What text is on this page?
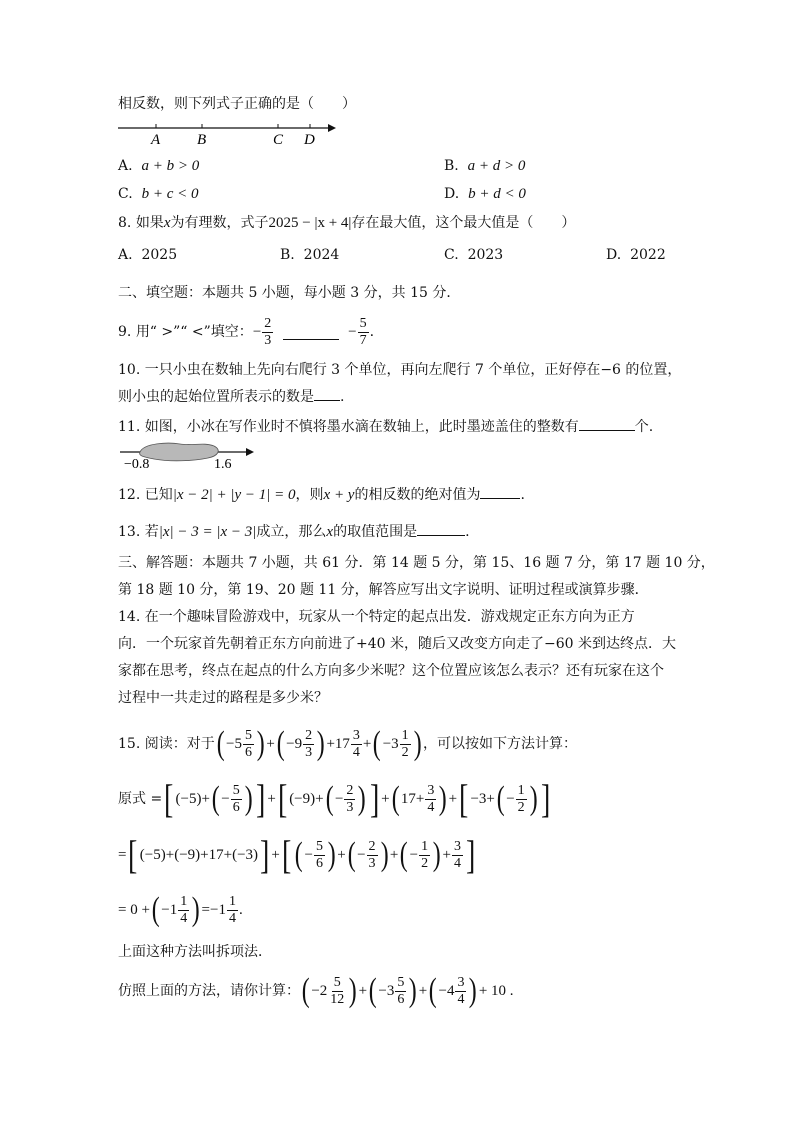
相反数，则下列式子正确的是（　　）
A B	C D
A. a + b > 0	B. a + d > 0
C. b + c < 0	D. b + d < 0
8. 如果x为有理数，式子2025 − |x + 4|存在最大值，这个最大值是（　　）
A. 2025	B. 2024	C. 2023	D. 2022
二、填空题：本题共 5 小题，每小题 3 分，共 15 分．
9.
用“ >”“ <”填空： − $\frac{2}{3}$

	− $\frac{5}{7}$ .
10. 一只小虫在数轴上先向右爬行 3 个单位，再向左爬行 7 个单位，正好停在−6 的位置，
则小虫的起始位置所表示的数是 .
11. 如图，小冰在写作业时不慎将墨水滴在数轴上，此时墨迹盖住的整数有	个.
−0.8	1.6
12. 已知|x − 2| + |y − 1| = 0，则x + y的相反数的绝对值为	.
13. 若|x| − 3 = |x − 3|成立，那么x的取值范围是	.
三、解答题：本题共 7 小题，共 61 分．第 14 题 5 分，第 15、16 题 7 分，第 17 题 10 分，
第 18 题 10 分，第 19、20 题 11 分，解答应写出文字说明、证明过程或演算步骤．
14. 在一个趣味冒险游戏中，玩家从一个特定的起点出发．游戏规定正东方向为正方
向．一个玩家首先朝着正东方向前进了+40 米，随后又改变方向走了−60 米到达终点．大
家都在思考，终点在起点的什么方向多少米呢？这个位置应该怎么表示？还有玩家在这个
过程中一共走过的路程是多少米？
15. 阅读：对于 ( $-5 \frac{5}{6}$ ) + ( $-9 \frac{2}{3}$ ) $+17 \frac{3}{4}$ + ( $-3 \frac{1}{2}$ ) ，可以按如下方法计算：
原式 = [ (−5)+ ( − $\frac{5}{6}$ ) ] + [ (−9)+ ( − $\frac{2}{3}$ ) ] + ( $17+ \frac{3}{4}$ ) + [ −3+ ( − $\frac{1}{2}$ ) ]
= [ (−5)+(−9)+17+(−3) ] + [ ( − $\frac{5}{6}$ ) + ( − $\frac{2}{3}$ ) + ( − $\frac{1}{2}$ ) + $\frac{3}{4}$ ]
= 0 + ( $-1 \frac{1}{4}$ ) = $-1 \frac{1}{4}$ .
上面这种方法叫拆项法．
仿照上面的方法，请你计算： ( $-2 \frac{5}{12}$ ) + ( $-3 \frac{5}{6}$ ) + ( $-4 \frac{3}{4}$ ) + 10 .
